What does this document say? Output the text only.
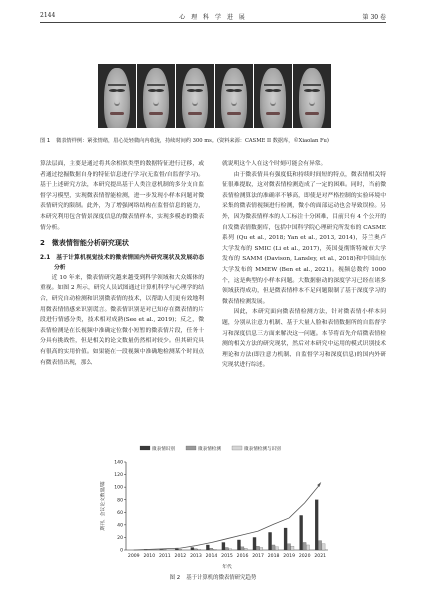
2144	心 理 科 学 进 展	第 30 卷
图 1 微表情样例：紧张情绪，眉心处轻微向内收拢，持续时间约 300 ms。(资料来源：CASME II 数据库，©Xiaolan Fu)

算法层面，主要是通过将其余相似类型的数据特征进行迁移，或者通过挖掘数据自身的特征信息进行学习(无监督/自监督学习)。基于上述研究方法，本研究提出基于人类注意机制的多分支自监督学习模型，实现微表情智能检测，进一步发现小样本问题对微表情研究的限制。此外，为了增强网络结构在监督信息的能力，本研究利用包含情景深度信息的微表情样本，实现多模态的微表情分析。

2　微表情智能分析研究现状
2.1　基于计算机视觉技术的微表情国内外研究现状及发展动态分析

近 10 年来，微表情研究越来越受到科学领域和大众媒体的重视。如图 2 所示，研究人员试图通过计算机科学与心理学的结合，研究自动检测和识别微表情的技术，以帮助人们更有效地利用微表情情感来识别谎言。微表情识别是对已知存在微表情的片段进行情感分类，技术相对成熟(See et al., 2019)；反之，微表情检测是在长视频中准确定位微小短暂的微表情片段，任务十分具有挑战性，但是相关的论文数量仍然相对较少。但其研究具有很高的实用价值。如果能在一段视频中准确地检测某个时间点有微表情出现，那么

就说明这个人在这个时刻可能会有异常。

由于微表情具有强度低和持续时间短的特点，微表情相关特征很难提取，这对微表情检测造成了一定的困难。同时，当前微表情检测算法的准确率不够高，即使是对严格控制的实验环境中采集的微表情视频进行检测，微小的面部运动也会导致误检。另外，因为微表情样本的人工标注十分困难，目前只有 4 个公开的自发微表情数据库，包括中国科学院心理研究所发布的 CASME 系列 (Qu et al., 2018; Yan et al., 2013, 2014)，芬兰奥卢大学发布的 SMIC (Li et al., 2017)，英国曼彻斯特城市大学发布的 SAMM (Davison, Lansley, et al., 2018)和中国山东大学发布的 MMEW (Ben et al., 2021)。视频总数约 1000 个，这是典型的小样本问题。大数据驱动的深度学习已经在诸多领域获得成功，但是微表情样本不足问题限制了基于深度学习的微表情检测发展。

因此，本研究面向微表情检测方法，针对微表情小样本问题，分别从注意力机制、基于大量人脸和表情数据所的自监督学习和深度信息三方面来解决这一问题。本节将首先介绍微表情检测的相关方法的研究现状，然后对本研究中运用的模式识别技术理论和方法(即注意力机制、自监督学习和深度信息)的国内外研究现状进行综述。

0
20
40
60
80
100
120
140
期刊、会议论文数量/篇
2009 2010 2011 2012 2013 2014 2015 2016 2017 2018 2019 2020 2021
年代
微表情识别	微表情检测	微表情检测与识别
图 2 基于计算机的微表情研究趋势
